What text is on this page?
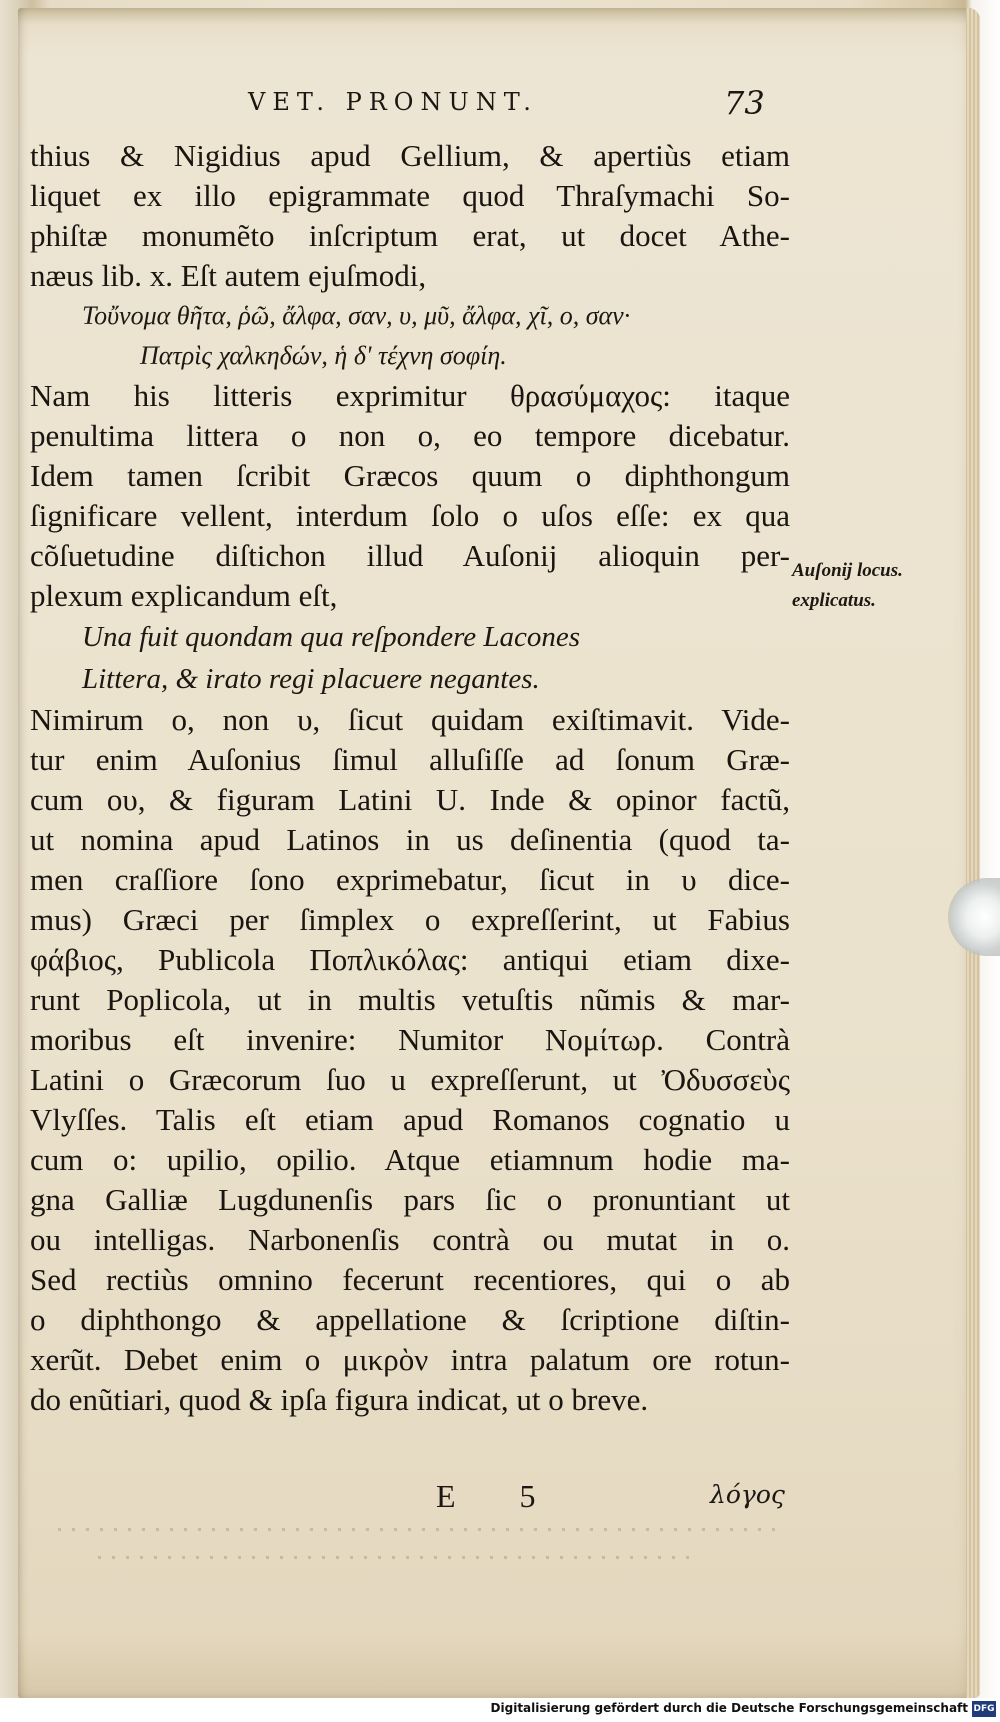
VET. PRONUNT.	73
thius & Nigidius apud Gellium, & apertiùs etiam
liquet ex illo epigrammate quod Thraſymachi So-
phiſtæ monumẽto inſcriptum erat, ut docet Athe-
næus lib. x. Eſt autem ejuſmodi,
Τοὔνομα θῆτα, ῥῶ, ἄλφα, σαν, υ, μῦ, ἄλφα, χῖ, ο, σαν·
Πατρὶς χαλκηδών, ἡ δ' τέχνη σοφίη.
Nam his litteris exprimitur θρασύμαχος: itaque
penultima littera ο non ο, eo tempore dicebatur.
Idem tamen ſcribit Græcos quum ο diphthongum
ſignificare vellent, interdum ſolo ο uſos eſſe: ex qua
cõſuetudine diſtichon illud Auſonij alioquin per-
plexum explicandum eſt,
Una fuit quondam qua reſpondere Lacones
Littera, & irato regi placuere negantes.
Nimirum ο, non υ, ſicut quidam exiſtimavit. Vide-
tur enim Auſonius ſimul alluſiſſe ad ſonum Græ-
cum ου, & figuram Latini U. Inde & opinor factũ,
ut nomina apud Latinos in us deſinentia (quod ta-
men craſſiore ſono exprimebatur, ſicut in υ dice-
mus) Græci per ſimplex ο expreſſerint, ut Fabius
φάβιος, Publicola Ποπλικόλας: antiqui etiam dixe-
runt Poplicola, ut in multis vetuſtis nũmis & mar-
moribus eſt invenire: Numitor Νομίτωρ. Contrà
Latini ο Græcorum ſuo u expreſſerunt, ut Ὀδυσσεὺς
Vlyſſes. Talis eſt etiam apud Romanos cognatio u
cum o: upilio, opilio. Atque etiamnum hodie ma-
gna Galliæ Lugdunenſis pars ſic o pronuntiant ut
ou intelligas. Narbonenſis contrà ou mutat in o.
Sed rectiùs omnino fecerunt recentiores, qui o ab
ο diphthongo & appellatione & ſcriptione diſtin-
xerũt. Debet enim ο μικρὸν intra palatum ore rotun-
do enũtiari, quod & ipſa figura indicat, ut o breve.
Auſonij locus.
explicatus.
E 5	λόγος
Digitalisierung gefördert durch die Deutsche Forschungsgemeinschaft DFG
